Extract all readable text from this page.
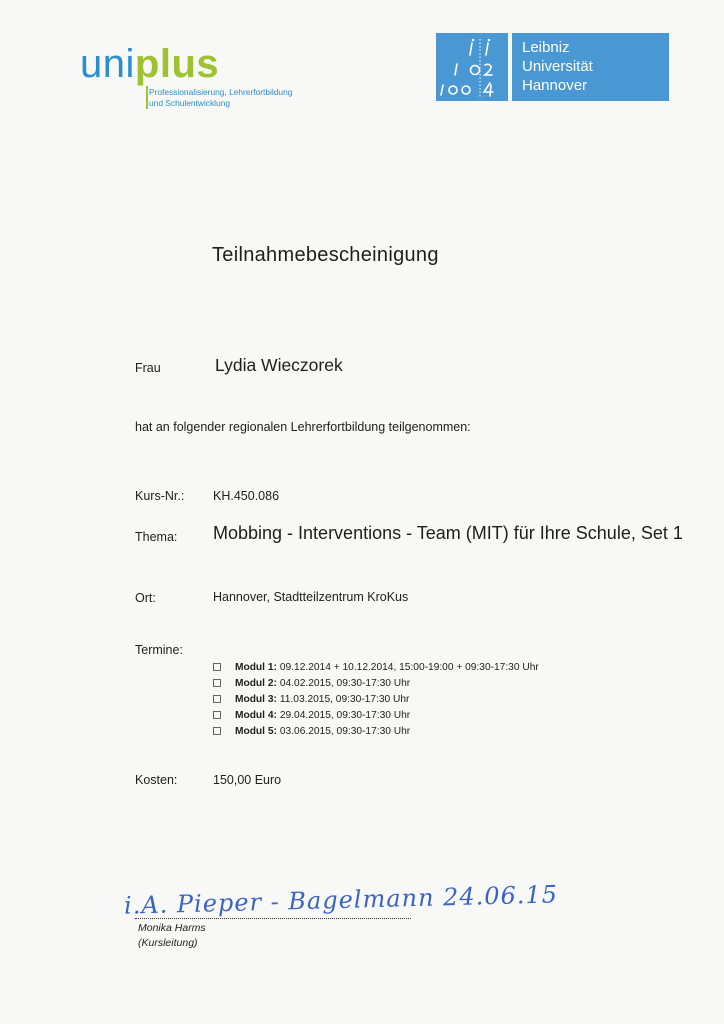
uniplus
Professionalisierung, Lehrerfortbildung
und Schulentwicklung
Leibniz
Universität
Hannover
Teilnahmebescheinigung
Frau	Lydia Wieczorek
hat an folgender regionalen Lehrerfortbildung teilgenommen:
Kurs-Nr.: KH.450.086
Thema: Mobbing - Interventions - Team (MIT) für Ihre Schule, Set 1
Ort:	Hannover, Stadtteilzentrum KroKus
Termine:
Modul 1 : 09.12.2014 + 10.12.2014, 15:00-19:00 + 09:30-17:30 Uhr
Modul 2 : 04.02.2015, 09:30-17:30 Uhr
Modul 3 : 11.03.2015, 09:30-17:30 Uhr
Modul 4 : 29.04.2015, 09:30-17:30 Uhr
Modul 5 : 03.06.2015, 09:30-17:30 Uhr
Kosten:	150,00 Euro
i.A. Pieper - Bagelmann 24.06.15
Monika Harms
(Kursleitung)
